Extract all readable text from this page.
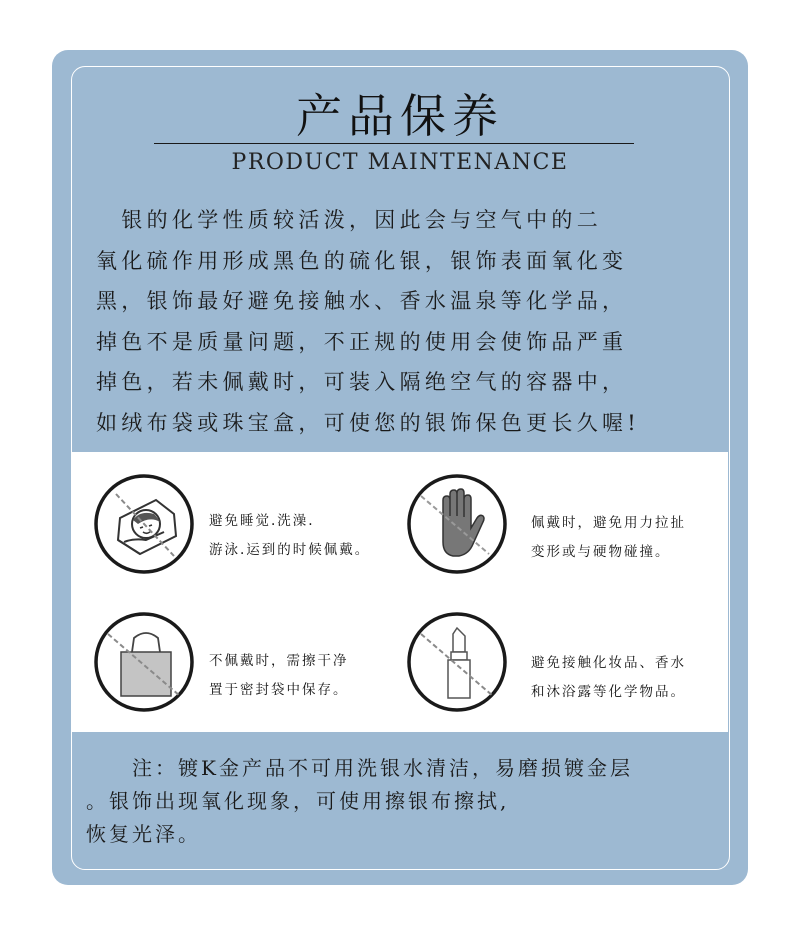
产品保养
PRODUCT MAINTENANCE
　银的化学性质较活泼，因此会与空气中的二
氧化硫作用形成黑色的硫化银，银饰表面氧化变
黑，银饰最好避免接触水、香水温泉等化学品，
掉色不是质量问题，不正规的使用会使饰品严重
掉色，若未佩戴时，可装入隔绝空气的容器中，
如绒布袋或珠宝盒，可使您的银饰保色更长久喔!
避免睡觉.洗澡.
游泳.运到的时候佩戴。
佩戴时，避免用力拉扯
变形或与硬物碰撞。
不佩戴时，需擦干净
置于密封袋中保存。
避免接触化妆品、香水
和沐浴露等化学物品。
　　注：镀K金产品不可用洗银水清洁，易磨损镀金层
。银饰出现氧化现象，可使用擦银布擦拭,
恢复光泽。
